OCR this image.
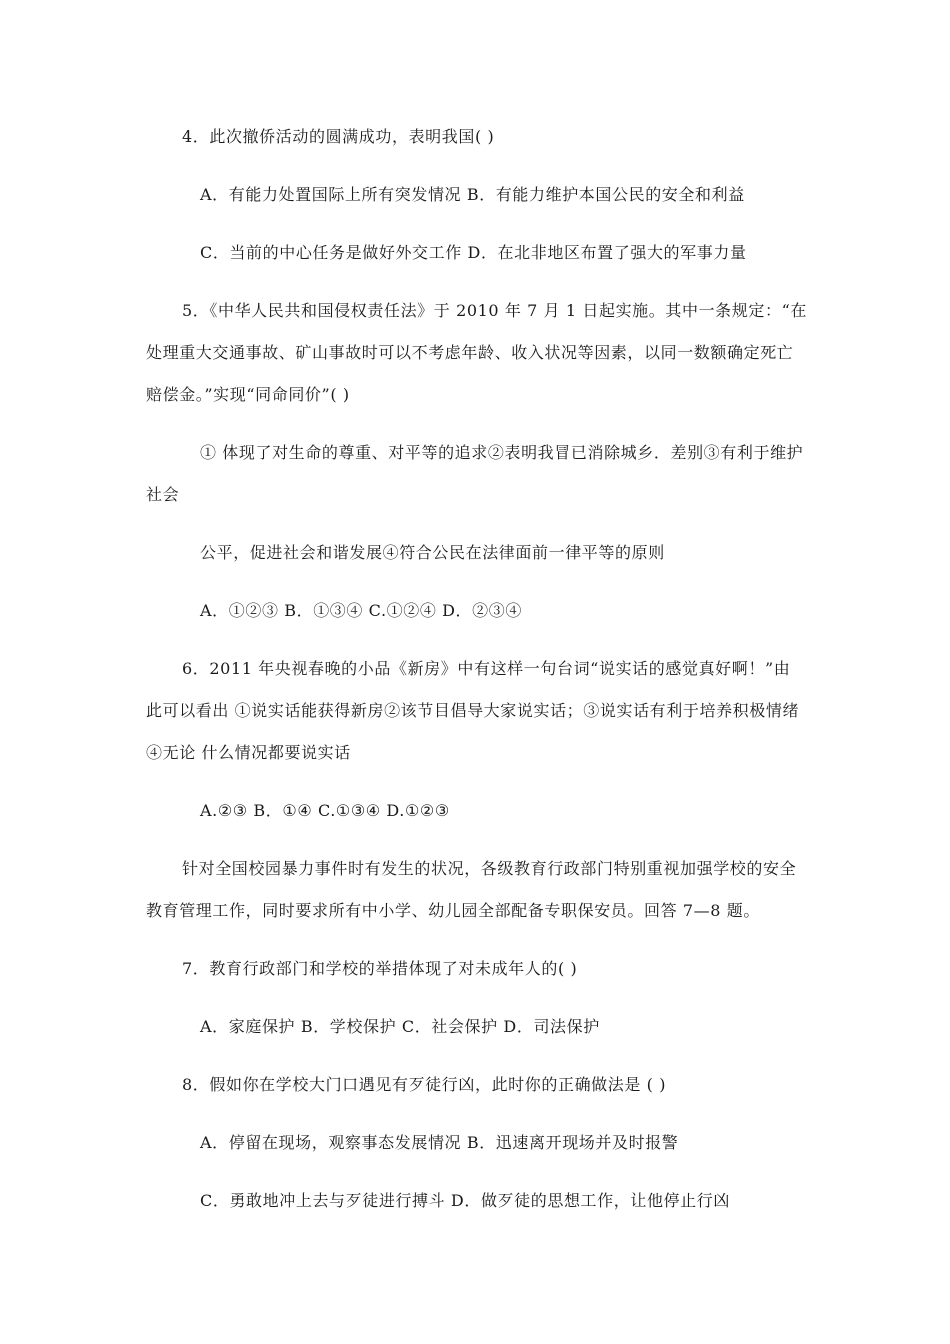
4．此次撤侨活动的圆满成功，表明我国( )
A．有能力处置国际上所有突发情况 B．有能力维护本国公民的安全和利益
C．当前的中心任务是做好外交工作 D．在北非地区布置了强大的军事力量
5．《中华人民共和国侵权责任法》于 2010 年 7 月 1 日起实施。其中一条规定：“在
处理重大交通事故、矿山事故时可以不考虑年龄、收入状况等因素，以同一数额确定死亡
赔偿金。”实现“同命同价”( )
① 体现了对生命的尊重、对平等的追求②表明我冒已消除城乡．差别③有利于维护
社会
公平，促进社会和谐发展④符合公民在法律面前一律平等的原则
A．①②③ B．①③④ C.①②④ D．②③④
6．2011 年央视春晚的小品《新房》中有这样一句台词“说实话的感觉真好啊！”由
此可以看出 ①说实话能获得新房②该节目倡导大家说实话；③说实话有利于培养积极情绪
④无论 什么情况都要说实话
A.②③ B．①④ C.①③④ D.①②③
针对全国校园暴力事件时有发生的状况，各级教育行政部门特别重视加强学校的安全
教育管理工作，同时要求所有中小学、幼儿园全部配备专职保安员。回答 7—8 题。
7．教育行政部门和学校的举措体现了对未成年人的( )
A．家庭保护 B．学校保护 C．社会保护 D．司法保护
8．假如你在学校大门口遇见有歹徒行凶，此时你的正确做法是 ( )
A．停留在现场，观察事态发展情况 B．迅速离开现场并及时报警
C．勇敢地冲上去与歹徒进行搏斗 D．做歹徒的思想工作，让他停止行凶
